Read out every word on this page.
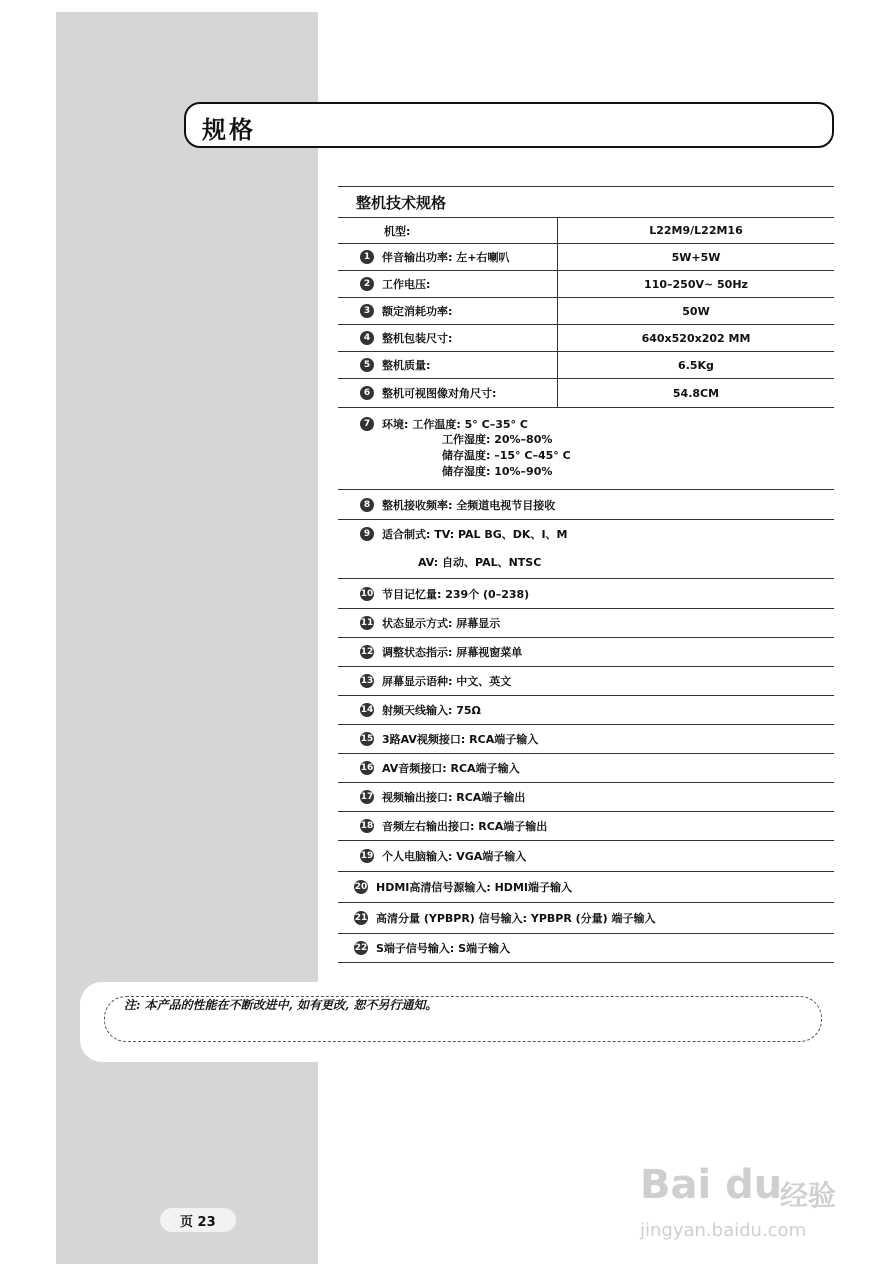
规格
整机技术规格
机型:	L22M9/L22M16
1	伴音输出功率: 左+右喇叭	5W+5W
2	工作电压:	110–250V~ 50Hz
3	额定消耗功率:	50W
4	整机包装尺寸:	640x520x202 MM
5	整机质量:	6.5Kg
6	整机可视图像对角尺寸:	54.8CM
7	环境: 工作温度: 5° C–35° C
工作湿度: 20%–80%
储存温度: –15° C–45° C
储存湿度: 10%–90%
8	整机接收频率: 全频道电视节目接收
9	适合制式: TV: PAL BG、DK、I、M
AV: 自动、PAL、NTSC
10 节目记忆量: 239个 (0–238)
11 状态显示方式: 屏幕显示
12 调整状态指示: 屏幕视窗菜单
13 屏幕显示语种: 中文、英文
14 射频天线输入: 75Ω
15 3路AV视频接口: RCA端子输入
16 AV音频接口: RCA端子输入
17 视频输出接口: RCA端子输出
18 音频左右输出接口: RCA端子输出
19 个人电脑输入: VGA端子输入
20 HDMI高清信号源输入: HDMI端子输入
21 高清分量 (YPBPR) 信号输入: YPBPR (分量) 端子输入
22 S端子信号输入: S端子输入
注: 本产品的性能在不断改进中, 如有更改, 恕不另行通知。
页 23
Bai du
经验
jingyan.baidu.com
